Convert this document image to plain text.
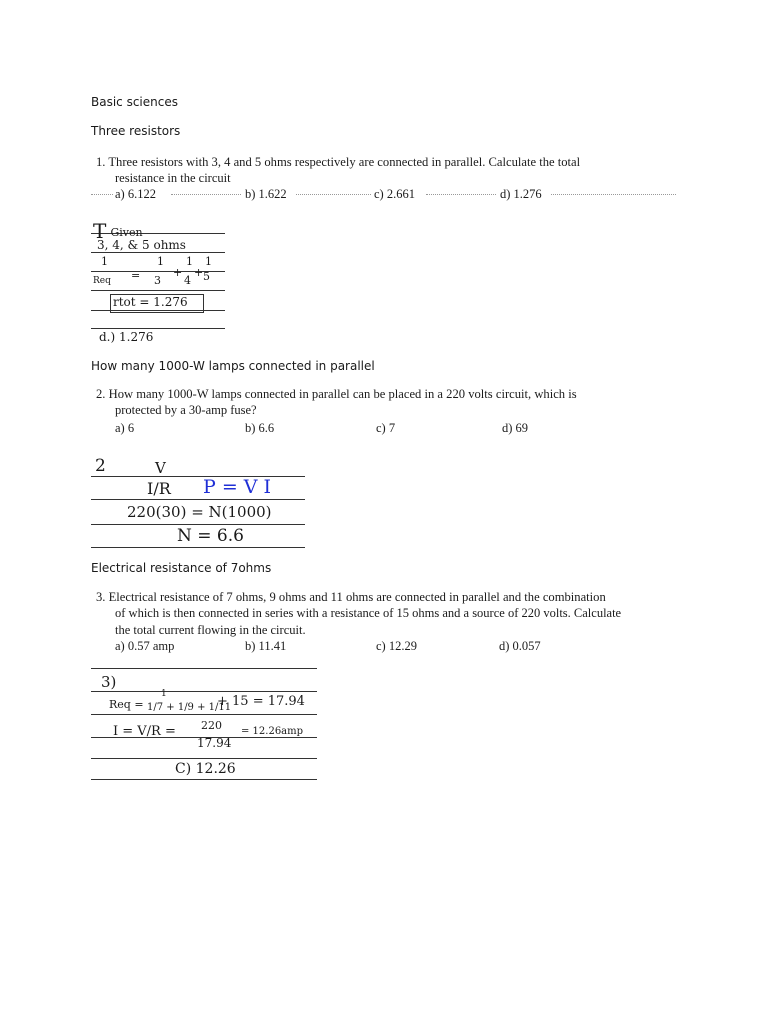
Basic sciences
Three resistors
1. Three resistors with 3, 4 and 5 ohms respectively are connected in parallel. Calculate the total
resistance in the circuit
a) 6.122	b) 1.622	c) 2.661	d) 1.276
T Given
3, 4, & 5 ohms
1	1 1 1
Req = 3 4 5
+ +
rtot = 1.276
d.) 1.276
How many 1000-W lamps connected in parallel
2. How many 1000-W lamps connected in parallel can be placed in a 220 volts circuit, which is
protected by a 30-amp fuse?
a) 6	b) 6.6	c) 7	d) 69
2	V
I/R P = V I
220(30) = N(1000)
N = 6.6
Electrical resistance of 7ohms
3. Electrical resistance of 7 ohms, 9 ohms and 11 ohms are connected in parallel and the combination
of which is then connected in series with a resistance of 15 ohms and a source of 220 volts. Calculate
the total current flowing in the circuit.
a) 0.57 amp	b) 11.41	c) 12.29	d) 0.057
3)
Req =
1
1/7 + 1/9 + 1/11
+ 15 = 17.94
I = V/R = 220
17.94
= 12.26amp
C) 12.26
